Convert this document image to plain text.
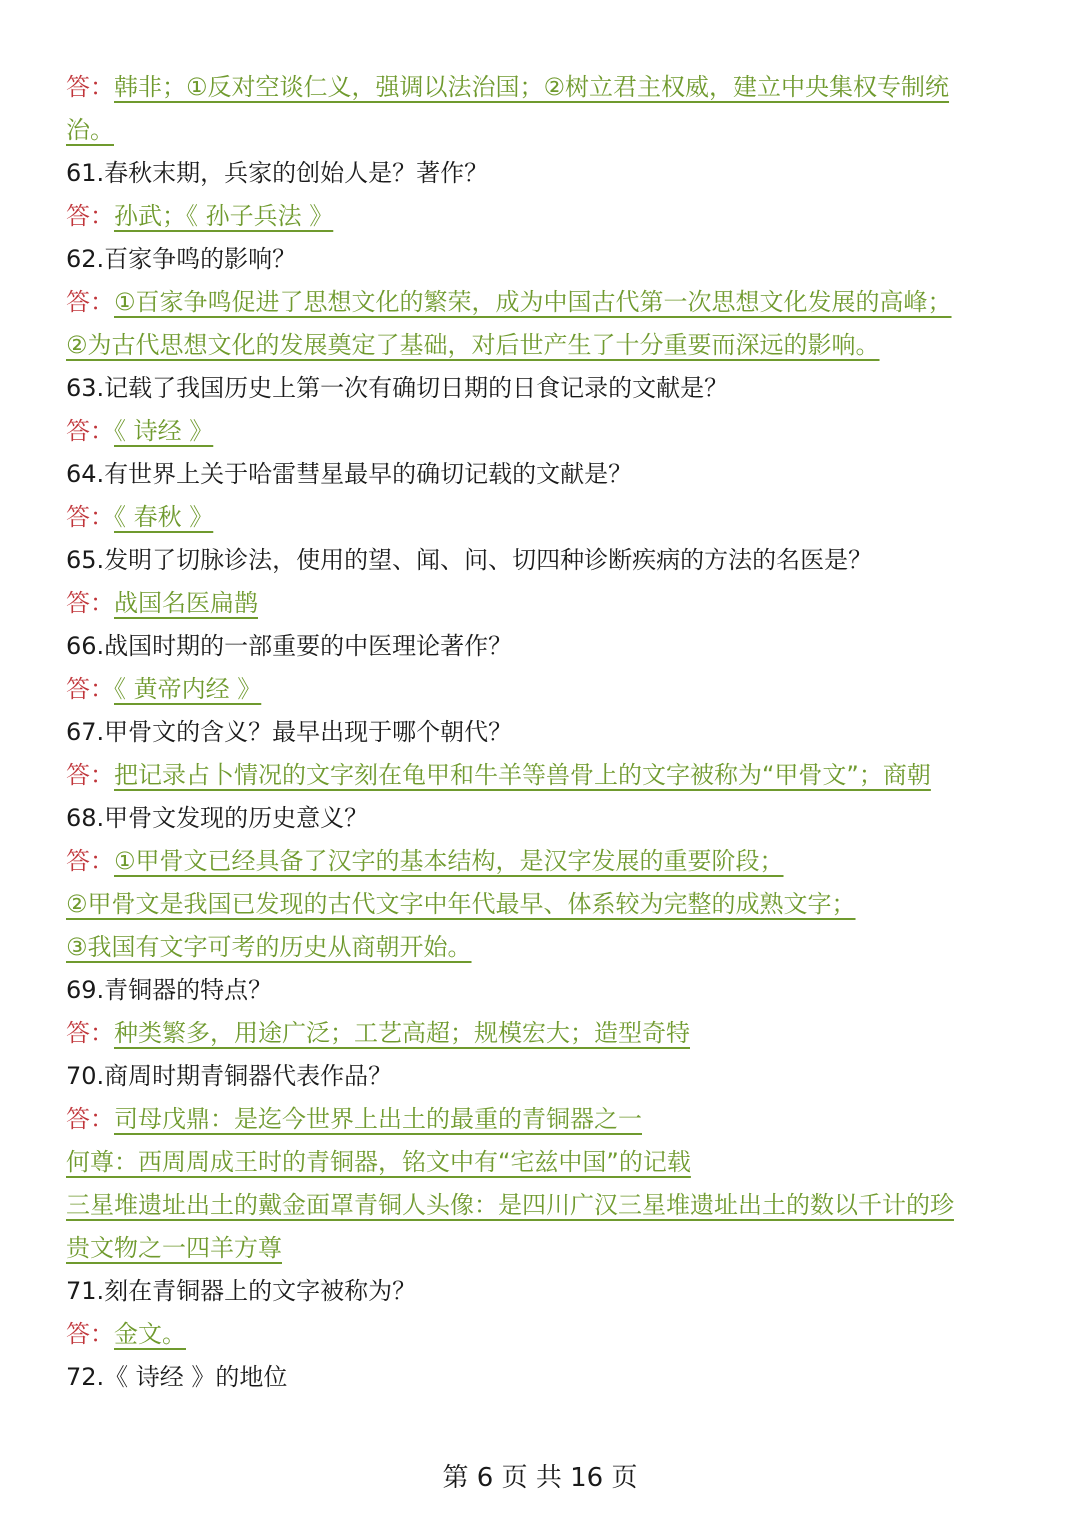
答：韩非；①反对空谈仁义，强调以法治国；②树立君主权威，建立中央集权专制统
治。
61.春秋末期，兵家的创始人是？著作？
答：孙武；《 孙子兵法 》
62.百家争鸣的影响？
答：①百家争鸣促进了思想文化的繁荣，成为中国古代第一次思想文化发展的高峰；
②为古代思想文化的发展奠定了基础，对后世产生了十分重要而深远的影响。
63.记载了我国历史上第一次有确切日期的日食记录的文献是？
答：《 诗经 》
64.有世界上关于哈雷彗星最早的确切记载的文献是？
答：《 春秋 》
65.发明了切脉诊法，使用的望、闻、问、切四种诊断疾病的方法的名医是？
答：战国名医扁鹊
66.战国时期的一部重要的中医理论著作？
答：《 黄帝内经 》
67.甲骨文的含义？最早出现于哪个朝代？
答：把记录占卜情况的文字刻在龟甲和牛羊等兽骨上的文字被称为“甲骨文”；商朝
68.甲骨文发现的历史意义？
答：①甲骨文已经具备了汉字的基本结构，是汉字发展的重要阶段；
②甲骨文是我国已发现的古代文字中年代最早、体系较为完整的成熟文字；
③我国有文字可考的历史从商朝开始。
69.青铜器的特点？
答：种类繁多，用途广泛；工艺高超；规模宏大；造型奇特
70.商周时期青铜器代表作品？
答：司母戊鼎：是迄今世界上出土的最重的青铜器之一
何尊：西周周成王时的青铜器，铭文中有“宅兹中国”的记载
三星堆遗址出土的戴金面罩青铜人头像：是四川广汉三星堆遗址出土的数以千计的珍
贵文物之一四羊方尊
71.刻在青铜器上的文字被称为？
答：金文。
72.《 诗经 》的地位
第 6 页 共 16 页
